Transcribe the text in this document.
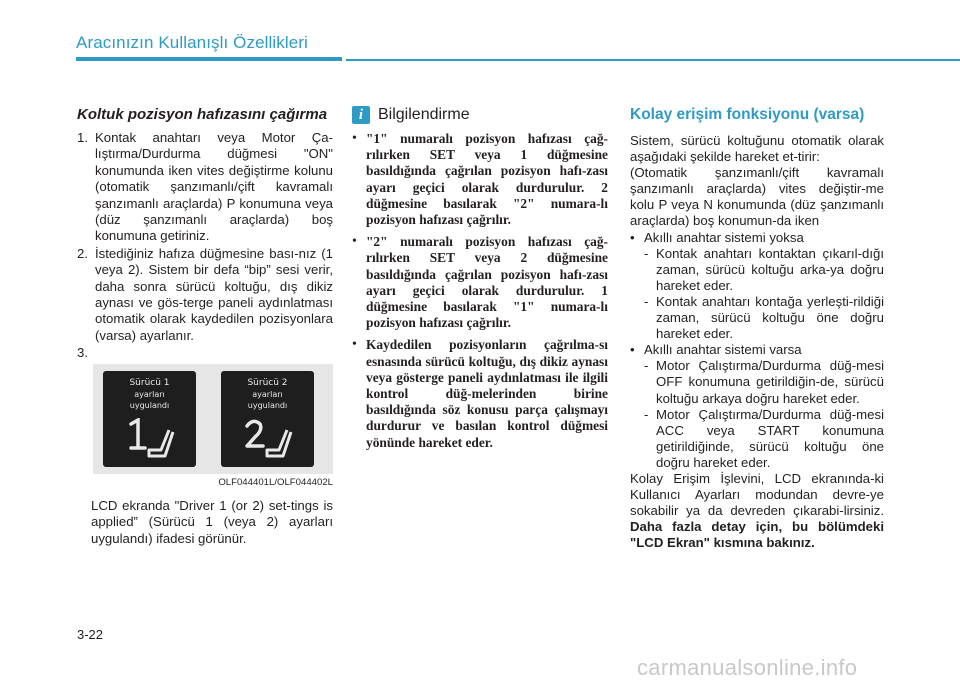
Aracınızın Kullanışlı Özellikleri
Koltuk pozisyon hafızasını çağırma
1. Kontak anahtarı veya Motor Ça-lıştırma/Durdurma düğmesi "ON" konumunda iken vites değiştirme kolunu (otomatik şanzımanlı/çift kavramalı şanzımanlı araçlarda) P konumuna veya (düz şanzımanlı araçlarda) boş konumuna getiriniz.
2. İstediğiniz hafıza düğmesine bası-nız (1 veya 2). Sistem bir defa “bip” sesi verir, daha sonra sürücü koltuğu, dış dikiz aynası ve gös-terge paneli aydınlatması otomatik olarak kaydedilen pozisyonlara (varsa) ayarlanır.
3.
Sürücü 1
ayarları
uygulandı
Sürücü 2
ayarları
uygulandı
OLF044401L/OLF044402L

LCD ekranda "Driver 1 (or 2) set-tings is applied” (Sürücü 1 (veya 2) ayarları uygulandı) ifadesi görünür.

i Bilgilendirme
• "1" numaralı pozisyon hafızası çağ-rılırken SET veya 1 düğmesine basıldığında çağrılan pozisyon hafı-zası ayarı geçici olarak durdurulur. 2 düğmesine basılarak "2" numara-lı pozisyon hafızası çağrılır.
• "2" numaralı pozisyon hafızası çağ-rılırken SET veya 2 düğmesine basıldığında çağrılan pozisyon hafı-zası ayarı geçici olarak durdurulur. 1 düğmesine basılarak "1" numara-lı pozisyon hafızası çağrılır.
• Kaydedilen pozisyonların çağrılma-sı esnasında sürücü koltuğu, dış dikiz aynası veya gösterge paneli aydınlatması ile ilgili kontrol düğ-melerinden birine basıldığında söz konusu parça çalışmayı durdurur ve basılan kontrol düğmesi yönünde hareket eder.
Kolay erişim fonksiyonu (varsa)
Sistem, sürücü koltuğunu otomatik olarak aşağıdaki şekilde hareket et-tirir:
(Otomatik şanzımanlı/çift kavramalı şanzımanlı araçlarda) vites değiştir-me kolu P veya N konumunda (düz şanzımanlı araçlarda) boş konumun-da iken
• Akıllı anahtar sistemi yoksa
- Kontak anahtarı kontaktan çıkarıl-dığı zaman, sürücü koltuğu arka-ya doğru hareket eder.
- Kontak anahtarı kontağa yerleşti-rildiği zaman, sürücü koltuğu öne doğru hareket eder.
• Akıllı anahtar sistemi varsa
- Motor Çalıştırma/Durdurma düğ-mesi OFF konumuna getirildiğin-de, sürücü koltuğu arkaya doğru hareket eder.
- Motor Çalıştırma/Durdurma düğ-mesi ACC veya START konumuna getirildiğinde, sürücü koltuğu öne doğru hareket eder.
Kolay Erişim İşlevini, LCD ekranında-ki Kullanıcı Ayarları modundan devre-ye sokabilir ya da devreden çıkarabi-lirsiniz. Daha fazla detay için, bu bölümdeki "LCD Ekran" kısmına bakınız.
3-22
carmanualsonline.info
